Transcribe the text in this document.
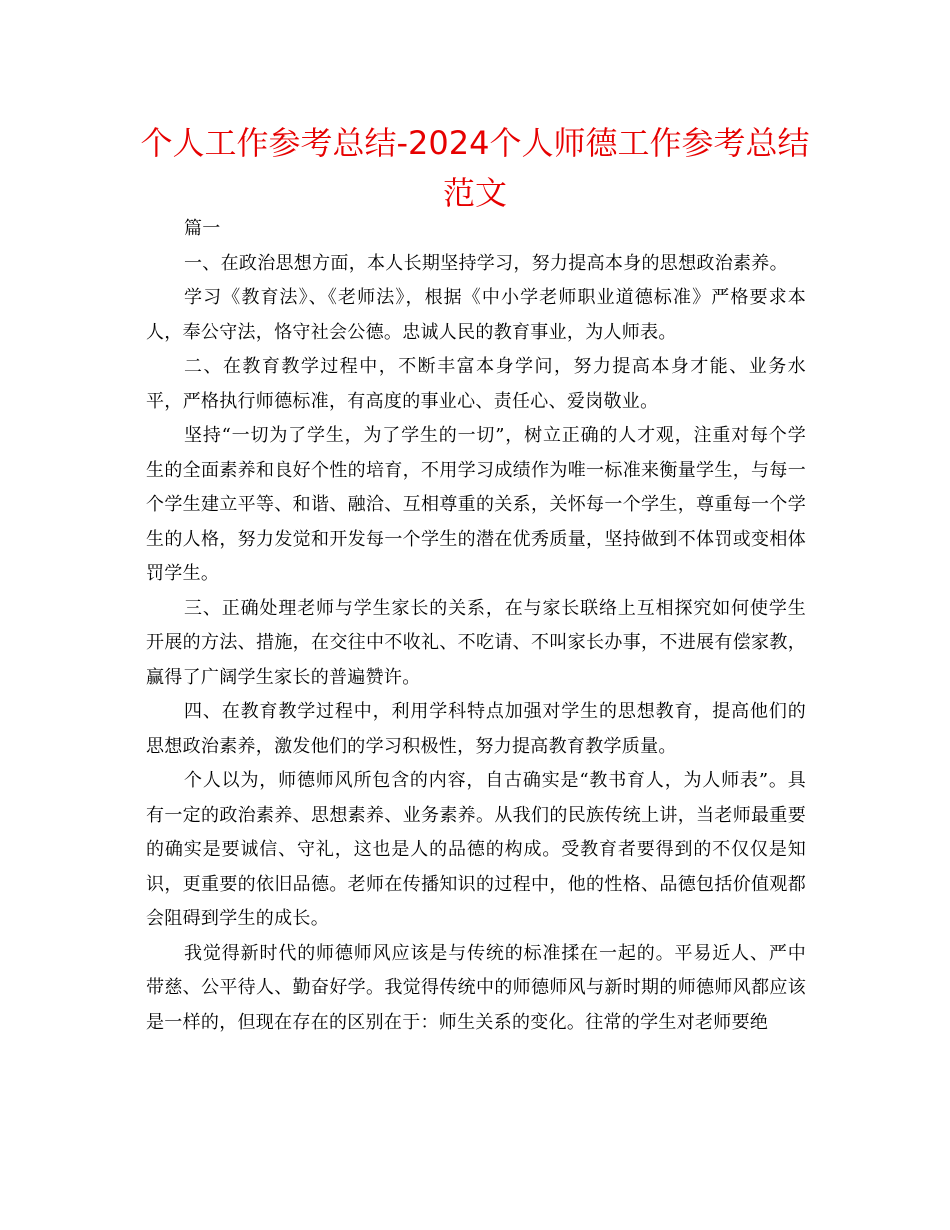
个人工作参考总结-2024个人师德工作参考总结范文

篇一

一、在政治思想方面，本人长期坚持学习，努力提高本身的思想政治素养。

学习《教育法》、《老师法》，根据《中小学老师职业道德标准》严格要求本人，奉公守法，恪守社会公德。忠诚人民的教育事业，为人师表。

二、在教育教学过程中，不断丰富本身学问，努力提高本身才能、业务水平，严格执行师德标准，有高度的事业心、责任心、爱岗敬业。

坚持“一切为了学生，为了学生的一切”，树立正确的人才观，注重对每个学生的全面素养和良好个性的培育，不用学习成绩作为唯一标准来衡量学生，与每一个学生建立平等、和谐、融洽、互相尊重的关系，关怀每一个学生，尊重每一个学生的人格，努力发觉和开发每一个学生的潜在优秀质量，坚持做到不体罚或变相体罚学生。

三、正确处理老师与学生家长的关系，在与家长联络上互相探究如何使学生开展的方法、措施，在交往中不收礼、不吃请、不叫家长办事，不进展有偿家教，赢得了广阔学生家长的普遍赞许。

四、在教育教学过程中，利用学科特点加强对学生的思想教育，提高他们的思想政治素养，激发他们的学习积极性，努力提高教育教学质量。

个人以为，师德师风所包含的内容，自古确实是“教书育人，为人师表”。具有一定的政治素养、思想素养、业务素养。从我们的民族传统上讲，当老师最重要的确实是要诚信、守礼，这也是人的品德的构成。受教育者要得到的不仅仅是知识，更重要的依旧品德。老师在传播知识的过程中，他的性格、品德包括价值观都会阻碍到学生的成长。

我觉得新时代的师德师风应该是与传统的标准揉在一起的。平易近人、严中带慈、公平待人、勤奋好学。我觉得传统中的师德师风与新时期的师德师风都应该是一样的，但现在存在的区别在于：师生关系的变化。往常的学生对老师要绝
